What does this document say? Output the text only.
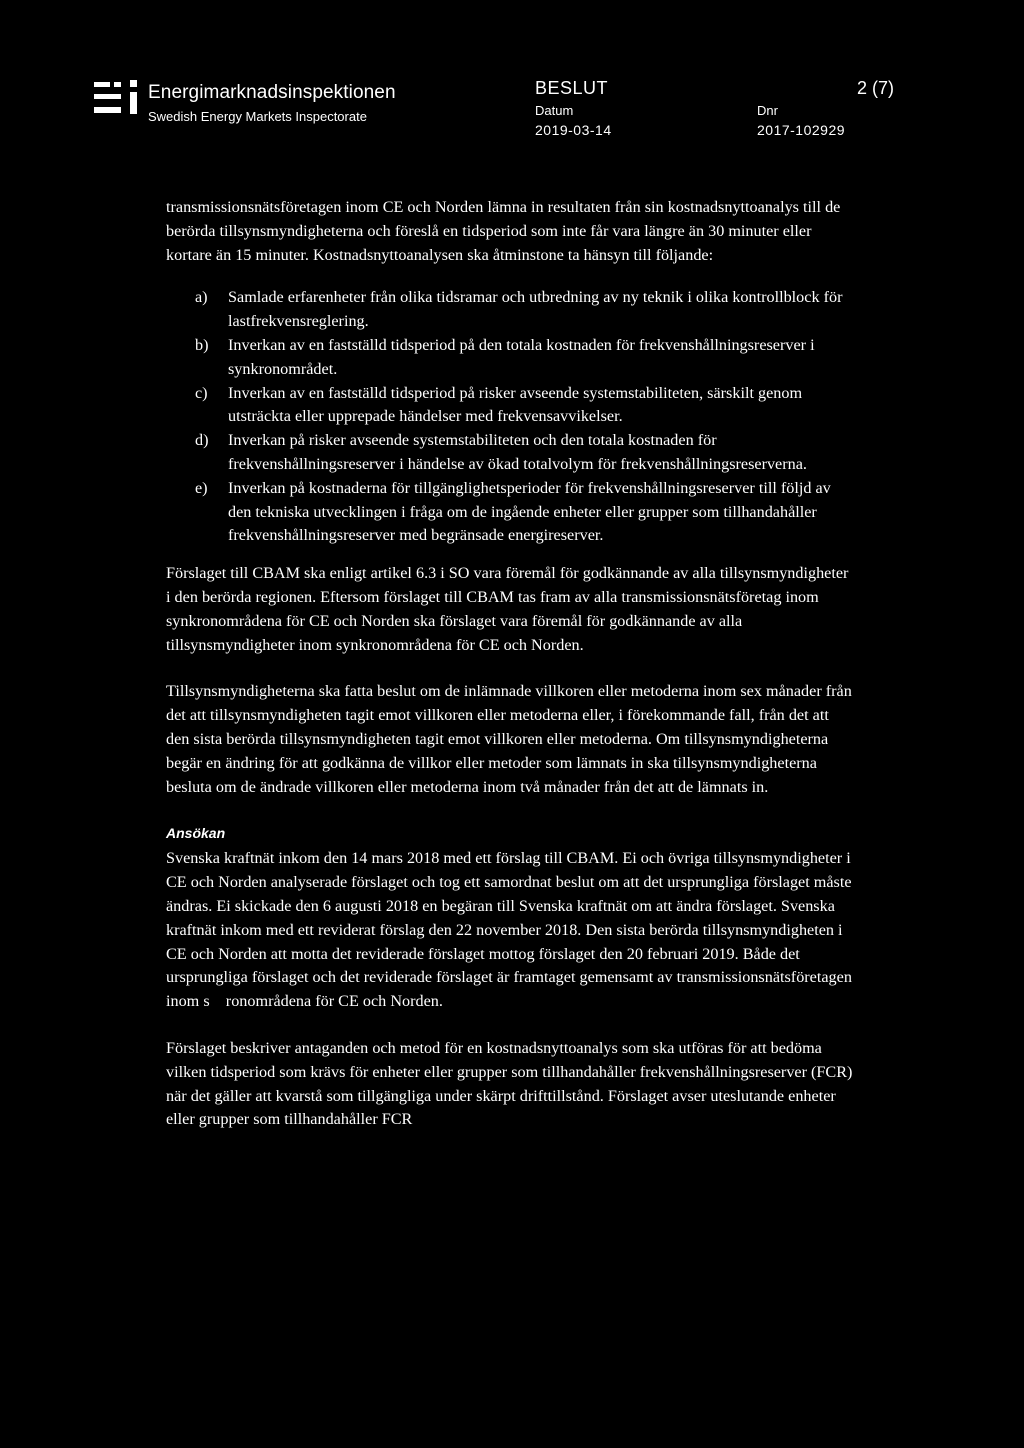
Energimarknadsinspektionen
Swedish Energy Markets Inspectorate
BESLUT	2 (7)
Datum
2019-03-14
Dnr
2017-102929

transmissionsnätsföretagen inom CE och Norden lämna in resultaten från sin kostnadsnyttoanalys till de berörda tillsynsmyndigheterna och föreslå en tidsperiod som inte får vara längre än 30 minuter eller kortare än 15 minuter. Kostnadsnyttoanalysen ska åtminstone ta hänsyn till följande:

a) Samlade erfarenheter från olika tidsramar och utbredning av ny teknik i olika kontrollblock för lastfrekvensreglering.
b) Inverkan av en fastställd tidsperiod på den totala kostnaden för frekvenshållningsreserver i synkronområdet.
c) Inverkan av en fastställd tidsperiod på risker avseende systemstabiliteten, särskilt genom utsträckta eller upprepade händelser med frekvensavvikelser.
d) Inverkan på risker avseende systemstabiliteten och den totala kostnaden för frekvenshållningsreserver i händelse av ökad totalvolym för frekvenshållningsreserverna.
e) Inverkan på kostnaderna för tillgänglighetsperioder för frekvenshållningsreserver till följd av den tekniska utvecklingen i fråga om de ingående enheter eller grupper som tillhandahåller frekvenshållningsreserver med begränsade energireserver.

Förslaget till CBAM ska enligt artikel 6.3 i SO vara föremål för godkännande av alla tillsynsmyndigheter i den berörda regionen. Eftersom förslaget till CBAM tas fram av alla transmissionsnätsföretag inom synkronområdena för CE och Norden ska förslaget vara föremål för godkännande av alla tillsynsmyndigheter inom synkronområdena för CE och Norden.

Tillsynsmyndigheterna ska fatta beslut om de inlämnade villkoren eller metoderna inom sex månader från det att tillsynsmyndigheten tagit emot villkoren eller metoderna eller, i förekommande fall, från det att den sista berörda tillsynsmyndigheten tagit emot villkoren eller metoderna. Om tillsynsmyndigheterna begär en ändring för att godkänna de villkor eller metoder som lämnats in ska tillsynsmyndigheterna besluta om de ändrade villkoren eller metoderna inom två månader från det att de lämnats in.

Ansökan

Svenska kraftnät inkom den 14 mars 2018 med ett förslag till CBAM. Ei och övriga tillsynsmyndigheter i CE och Norden analyserade förslaget och tog ett samordnat beslut om att det ursprungliga förslaget måste ändras. Ei skickade den 6 augusti 2018 en begäran till Svenska kraftnät om att ändra förslaget. Svenska kraftnät inkom med ett reviderat förslag den 22 november 2018. Den sista berörda tillsynsmyndigheten i CE och Norden att motta det reviderade förslaget mottog förslaget den 20 februari 2019. Både det ursprungliga förslaget och det reviderade förslaget är framtaget gemensamt av transmissionsnätsföretagen inom s    ronområdena för CE och Norden.

Förslaget beskriver antaganden och metod för en kostnadsnyttoanalys som ska utföras för att bedöma vilken tidsperiod som krävs för enheter eller grupper som tillhandahåller frekvenshållningsreserver (FCR) när det gäller att kvarstå som tillgängliga under skärpt drifttillstånd. Förslaget avser uteslutande enheter eller grupper som tillhandahåller FCR
